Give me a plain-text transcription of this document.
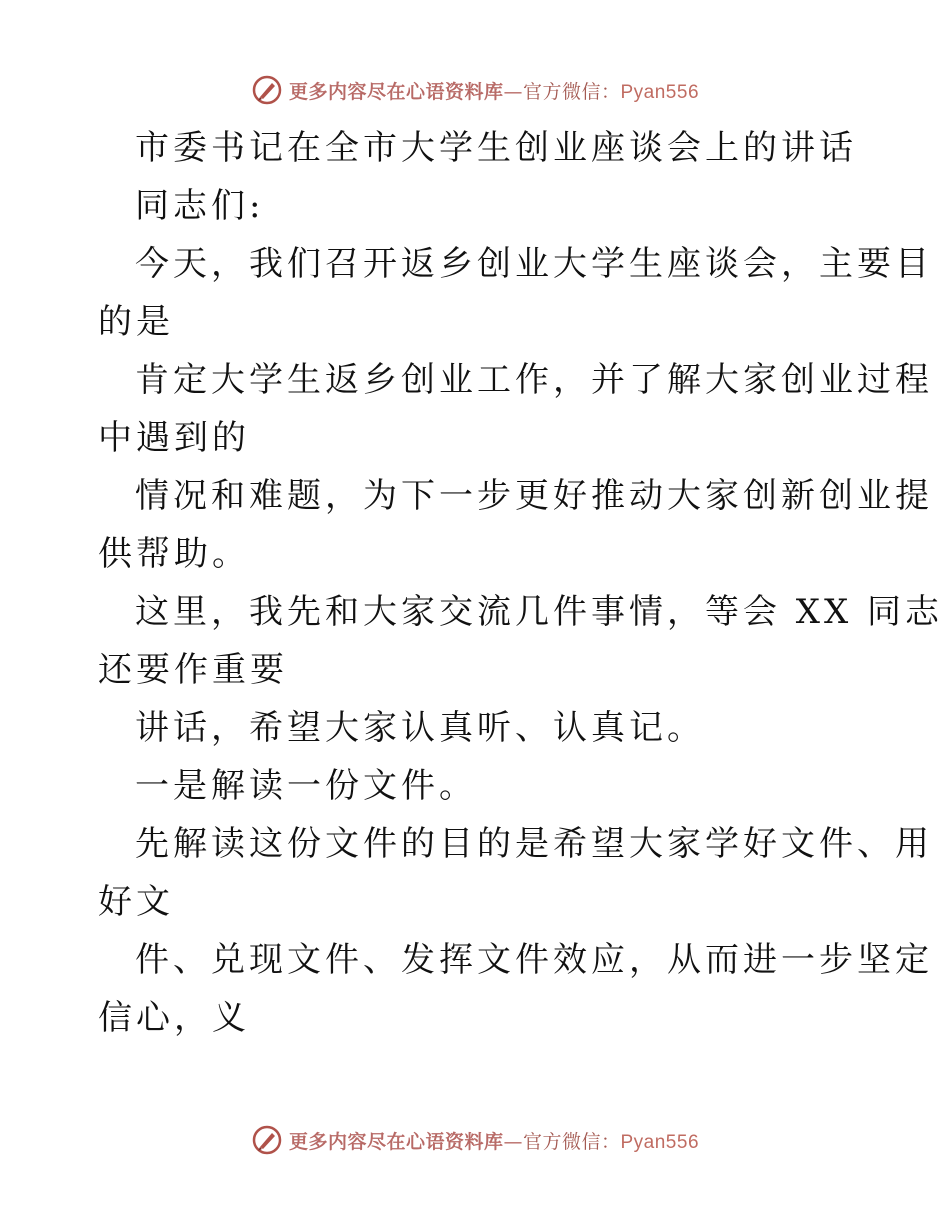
更多内容尽在心语资料库—官方微信：Pyan556
市委书记在全市大学生创业座谈会上的讲话
同志们:
今天，我们召开返乡创业大学生座谈会，主要目
的是
肯定大学生返乡创业工作，并了解大家创业过程
中遇到的
情况和难题，为下一步更好推动大家创新创业提
供帮助。
这里，我先和大家交流几件事情，等会 XX 同志
还要作重要
讲话，希望大家认真听、认真记。
一是解读一份文件。
先解读这份文件的目的是希望大家学好文件、用
好文
件、兑现文件、发挥文件效应，从而进一步坚定
信心，义
更多内容尽在心语资料库—官方微信：Pyan556
